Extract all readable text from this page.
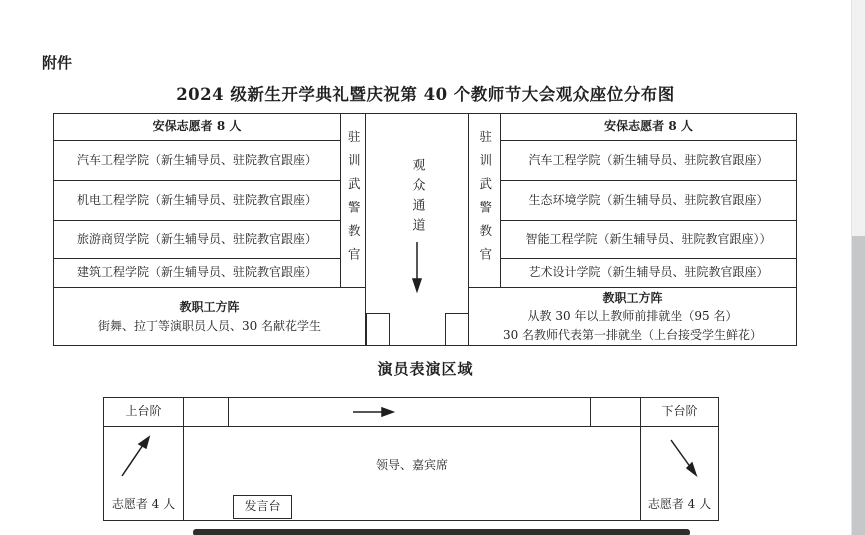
附件
2024 级新生开学典礼暨庆祝第 40 个教师节大会观众座位分布图
安保志愿者 8 人
汽车工程学院（新生辅导员、驻院教官跟座）
机电工程学院（新生辅导员、驻院教官跟座）
旅游商贸学院（新生辅导员、驻院教官跟座）
建筑工程学院（新生辅导员、驻院教官跟座）
教职工方阵
街舞、拉丁等演职员人员、30 名献花学生
驻训武警教官	观众通道	驻训武警教官
安保志愿者 8 人
汽车工程学院（新生辅导员、驻院教官跟座）
生态环境学院（新生辅导员、驻院教官跟座）
智能工程学院（新生辅导员、驻院教官跟座））
艺术设计学院（新生辅导员、驻院教官跟座）
教职工方阵
从教 30 年以上教师前排就坐（95 名）
30 名教师代表第一排就坐（上台接受学生鲜花）
演员表演区域
上台阶	下台阶
志愿者 4 人
领导、嘉宾席
志愿者 4 人
发言台
